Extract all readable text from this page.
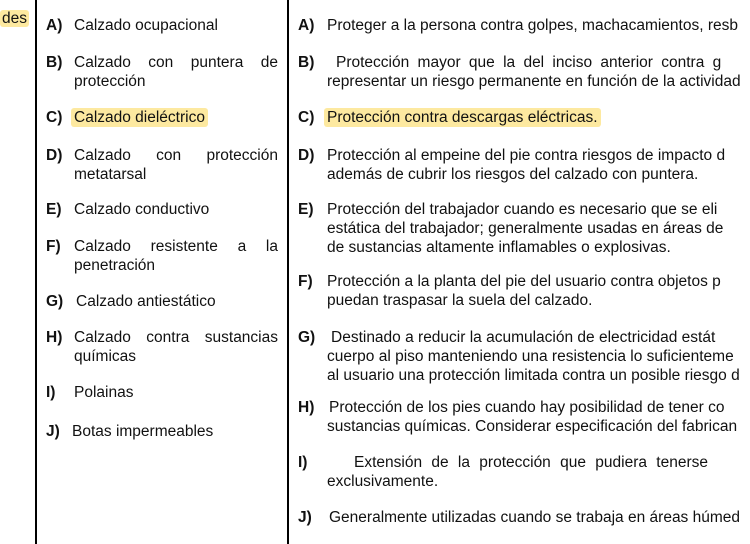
des A) Calzado ocupacional
B) Calzado con puntera de
protección
C) Calzado dieléctrico
D) Calzado con protección
metatarsal
E) Calzado conductivo
F) Calzado resistente a la
penetración
G) Calzado antiestático
H) Calzado contra sustancias
químicas
I) Polainas
J) Botas impermeables
A) Proteger a la persona contra golpes, machacamientos, resb
B) Protección mayor que la del inciso anterior contra g
representar un riesgo permanente en función de la actividad
C) Protección contra descargas eléctricas.
D) Protección al empeine del pie contra riesgos de impacto d
además de cubrir los riesgos del calzado con puntera.
E) Protección del trabajador cuando es necesario que se eli
estática del trabajador; generalmente usadas en áreas de
de sustancias altamente inflamables o explosivas.
F) Protección a la planta del pie del usuario contra objetos p
puedan traspasar la suela del calzado.
G) Destinado a reducir la acumulación de electricidad estát
cuerpo al piso manteniendo una resistencia lo suficienteme
al usuario una protección limitada contra un posible riesgo d
H) Protección de los pies cuando hay posibilidad de tener co
sustancias químicas. Considerar especificación del fabrican
I)	Extensión de la protección que pudiera tenerse
exclusivamente.
J) Generalmente utilizadas cuando se trabaja en áreas húmed
